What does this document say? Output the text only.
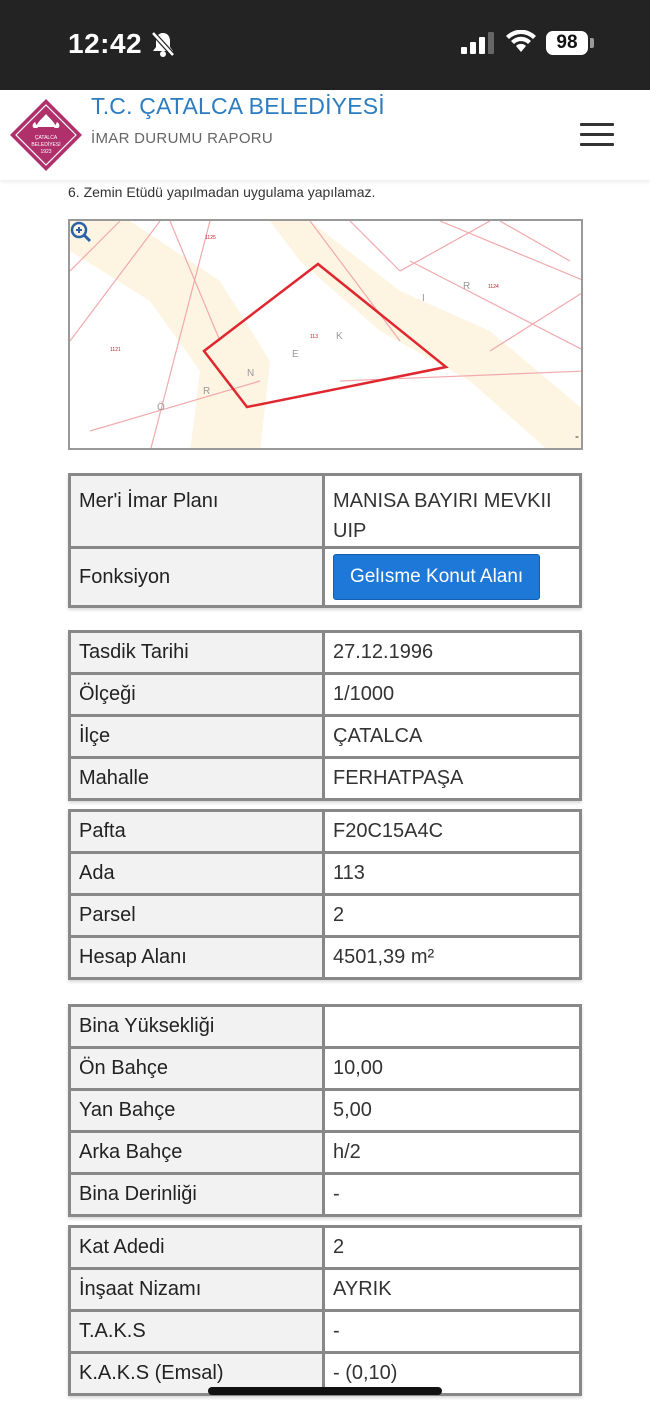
12:42	98
ÇATALCA
BELEDİYESİ
1923
T.C. ÇATALCA BELEDİYESİ
İMAR DURUMU RAPORU
6. Zemin Etüdü yapılmadan uygulama yapılamaz.
1125
1121
113
1124
Ö
R
N
E
K
I
R
-
Mer'i İmar Planı	MANISA BAYIRI MEVKII UIP
Fonksiyon	Gelısme Konut Alanı
Tasdik Tarihi	27.12.1996
Ölçeği	1/1000
İlçe	ÇATALCA
Mahalle	FERHATPAŞA
Pafta	F20C15A4C
Ada	113
Parsel	2
Hesap Alanı	4501,39 m²
Bina Yüksekliği	
Ön Bahçe	10,00
Yan Bahçe	5,00
Arka Bahçe	h/2
Bina Derinliği	-
Kat Adedi	2
İnşaat Nizamı	AYRIK
T.A.K.S	-
K.A.K.S (Emsal)	- (0,10)
